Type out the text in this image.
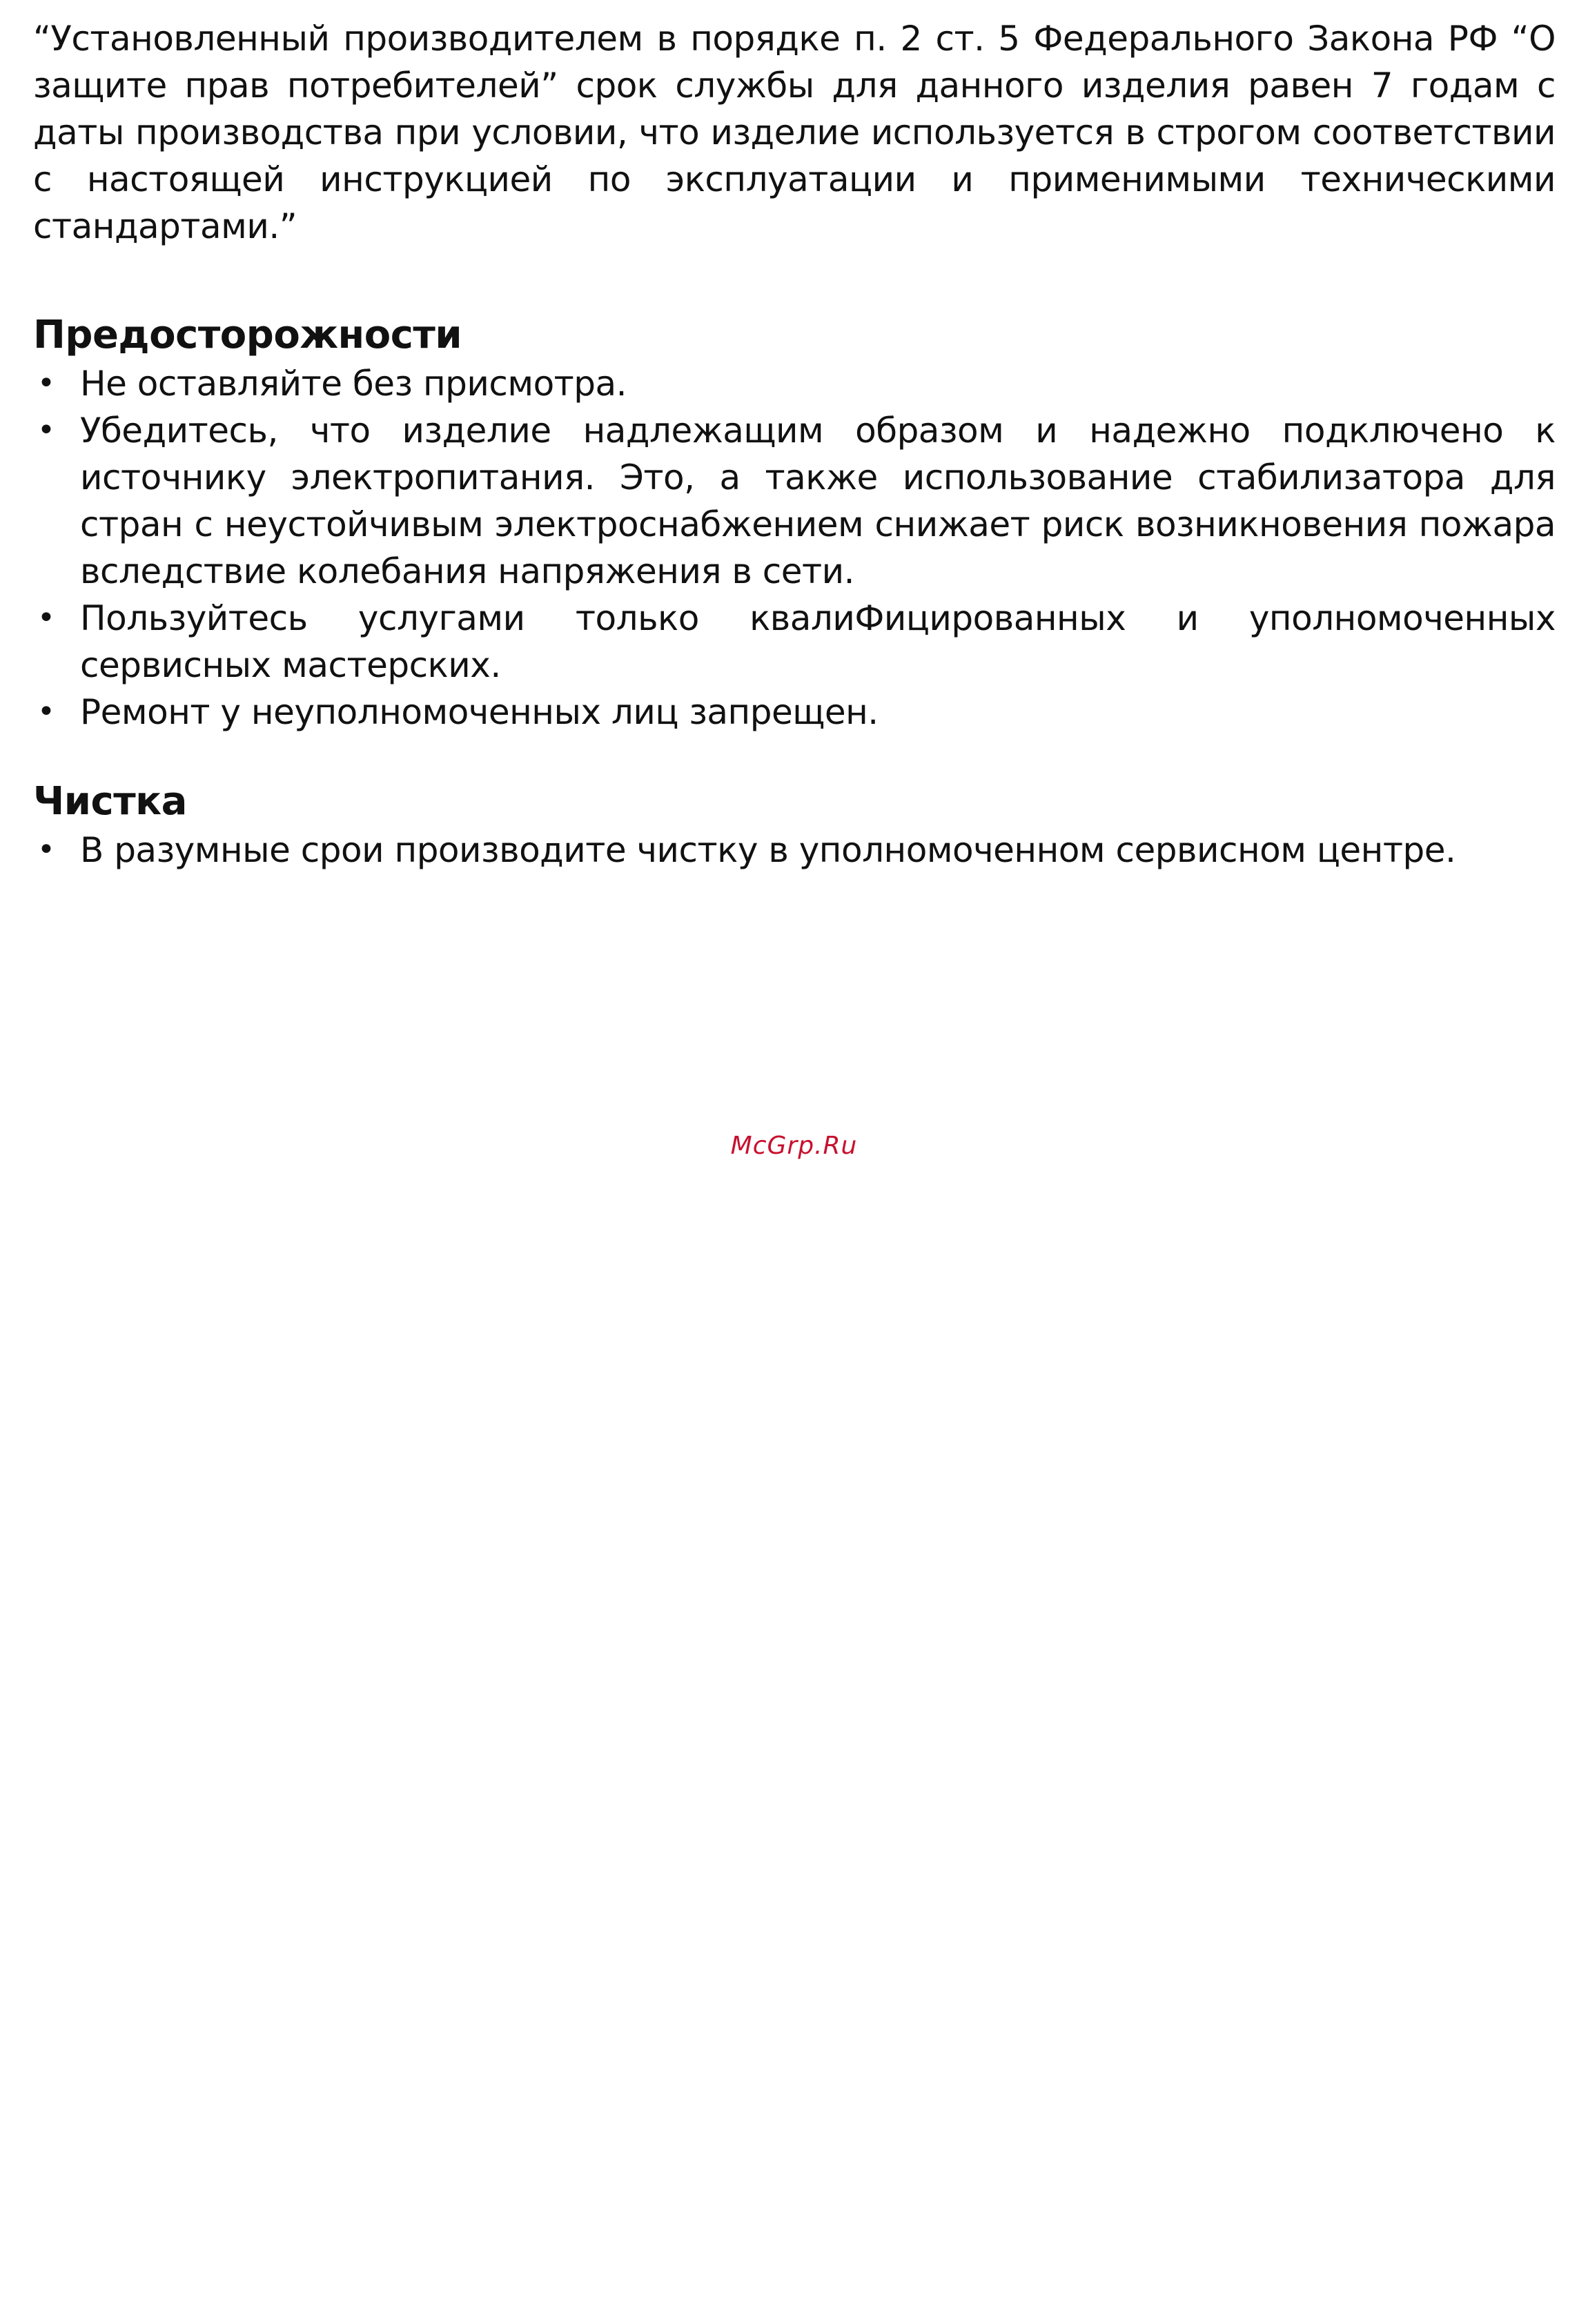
“Установленный производителем в порядке п. 2 ст. 5 Федерального Закона РФ “О защите прав потребителей” срок службы для данного изделия равен 7 годам с даты производства при условии, что изделие используется в строгом соответствии с настоящей инструкцией по эксплуатации и применимыми техническими стандартами.”

Предосторожности
• Не оставляйте без присмотра.
• Убедитесь, что изделие надлежащим образом и надежно подключено к источнику электропитания. Это, а также использование стабилизатора для стран с неустойчивым электроснабжением снижает риск возникновения пожара вследствие колебания напряжения в сети.
• Пользуйтесь услугами только квалиФицированных и уполномоченных сервисных мастерских.
• Ремонт у неуполномоченных лиц запрещен.
Чистка
• В разумные срои производите чистку в уполномоченном сервисном центре.
McGrp.Ru
